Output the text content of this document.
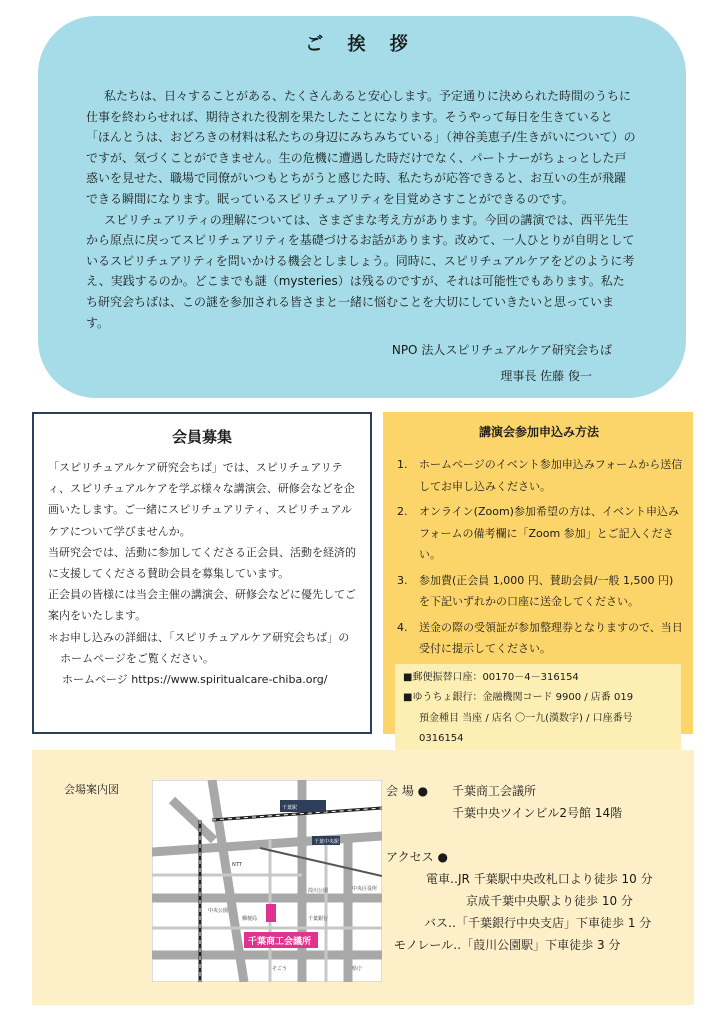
ご 挨 拶

私たちは、日々することがある、たくさんあると安心します。予定通りに決められた時間のうちに仕事を終わらせれば、期待された役割を果たしたことになります。そうやって毎日を生きていると「ほんとうは、おどろきの材料は私たちの身辺にみちみちている」（神谷美恵子/生きがいについて）のですが、気づくことができません。生の危機に遭遇した時だけでなく、パートナーがちょっとした戸惑いを見せた、職場で同僚がいつもとちがうと感じた時、私たちが応答できると、お互いの生が飛躍できる瞬間になります。眠っているスピリチュアリティを目覚めさすことができるのです。

スピリチュアリティの理解については、さまざまな考え方があります。今回の講演では、西平先生から原点に戻ってスピリチュアリティを基礎づけるお話があります。改めて、一人ひとりが自明としているスピリチュアリティを問いかける機会としましょう。同時に、スピリチュアルケアをどのように考え、実践するのか。どこまでも謎（mysteries）は残るのですが、それは可能性でもあります。私たち研究会ちばは、この謎を参加される皆さまと一緒に悩むことを大切にしていきたいと思っています。

NPO 法人スピリチュアルケア研究会ちば
理事長 佐藤 俊一
会員募集

「スピリチュアルケア研究会ちば」では、スピリチュアリティ、スピリチュアルケアを学ぶ様々な講演会、研修会などを企画いたします。ご一緒にスピリチュアリティ、スピリチュアルケアについて学びませんか。

当研究会では、活動に参加してくださる正会員、活動を経済的に支援してくださる賛助会員を募集しています。

正会員の皆様には当会主催の講演会、研修会などに優先してご案内をいたします。

＊お申し込みの詳細は、「スピリチュアルケア研究会ちば」のホームページをご覧ください。

ホームページ https://www.spiritualcare-chiba.org/

講演会参加申込み方法
1. ホームページのイベント参加申込みフォームから送信してお申し込みください。
2. オンライン(Zoom)参加希望の方は、イベント申込みフォームの備考欄に「Zoom 参加」とご記入ください。
3. 参加費(正会員 1,000 円、賛助会員/一般 1,500 円)を下記いずれかの口座に送金してください。
4. 送金の際の受領証が参加整理券となりますので、当日受付に提示してください。
■郵便振替口座：00170－4－316154
■ゆうちょ銀行：金融機関コード 9900 / 店番 019
預金種目 当座 / 店名 〇一九(漢数字) / 口座番号 0316154
会場案内図
千葉駅
千葉中央駅
千葉商工会議所
葭川公園	中央区役所
千葉銀行
NTT
中央公園
郵便局
県庁
そごう
会 場 ● 千葉商工会議所
千葉中央ツインビル2号館 14階
アクセス ●
電車‥JR 千葉駅中央改札口より徒歩 10 分
京成千葉中央駅より徒歩 10 分
バス‥「千葉銀行中央支店」下車徒歩 1 分
モノレール‥「葭川公園駅」下車徒歩 3 分
